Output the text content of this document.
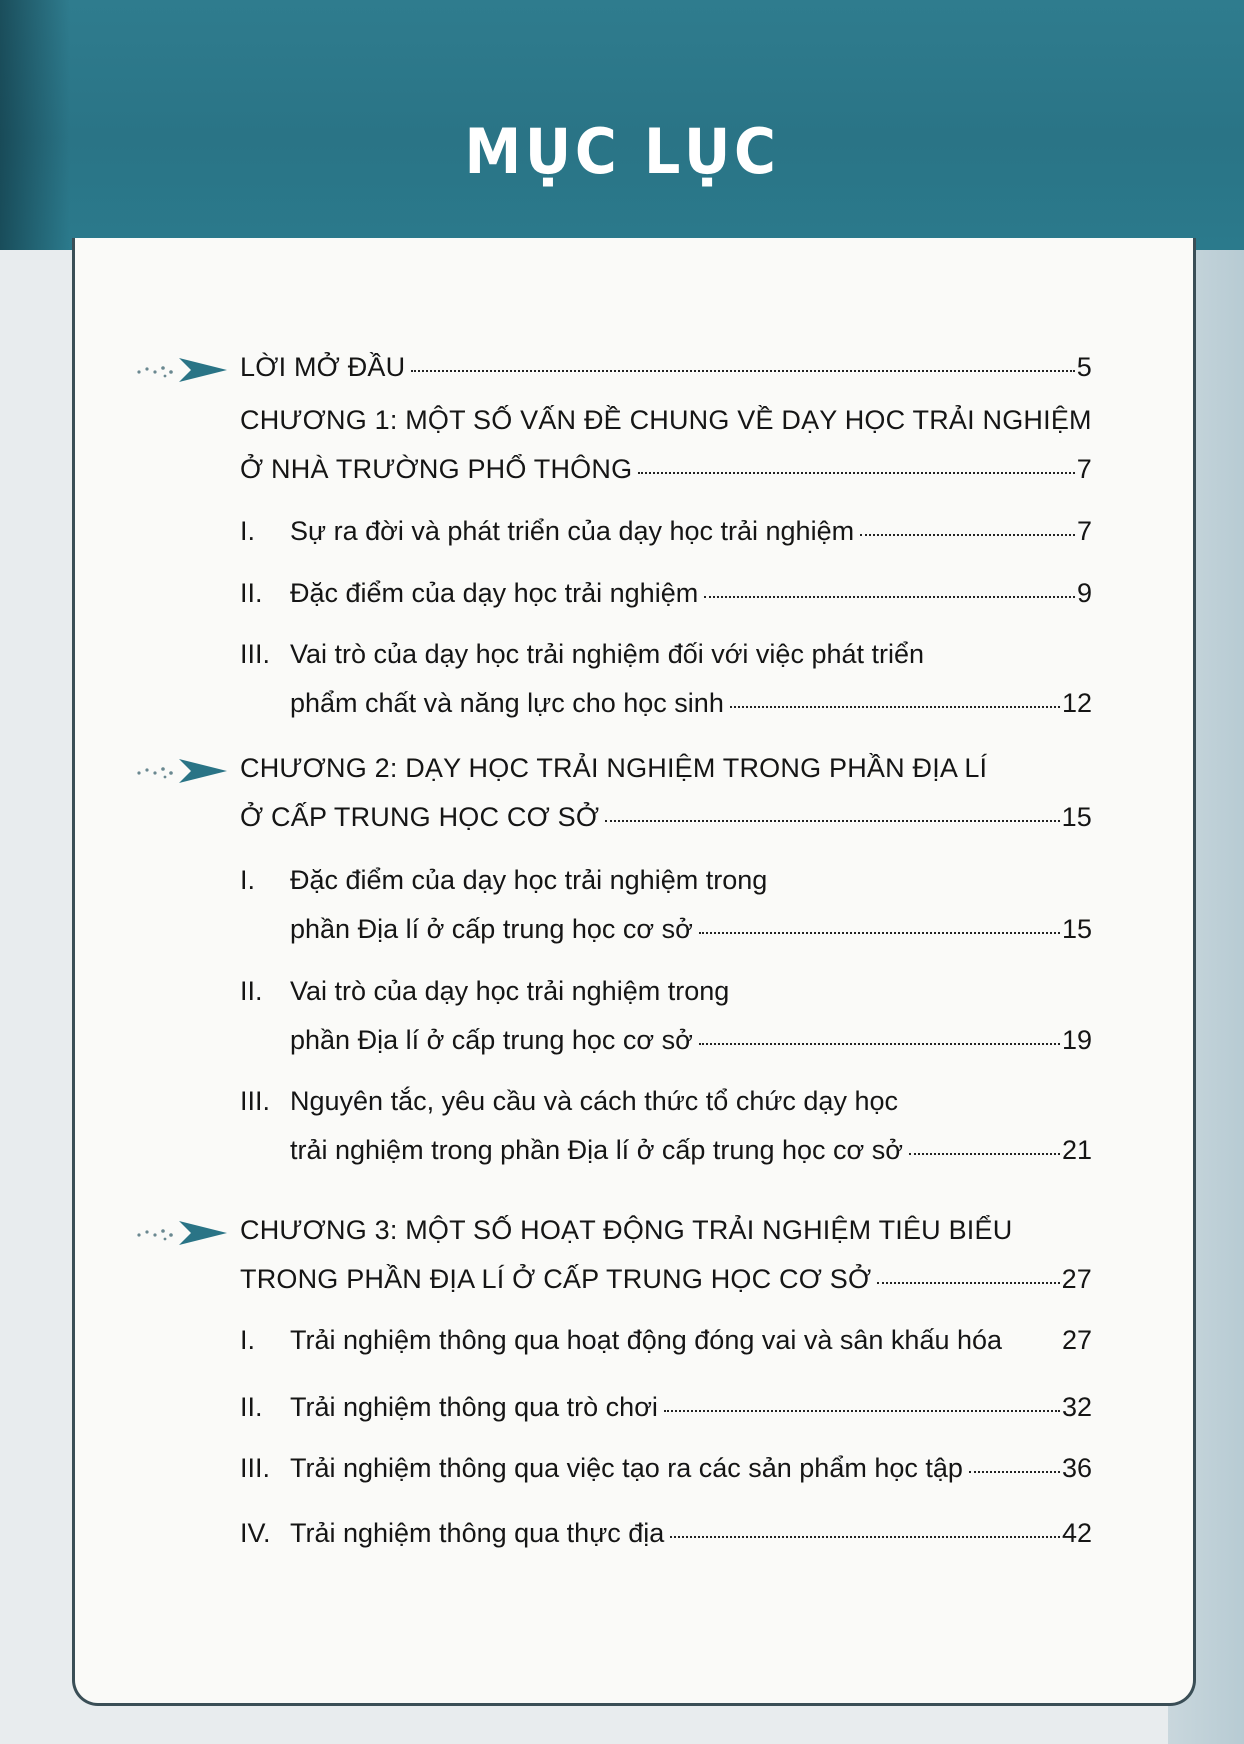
MỤC LỤC
LỜI MỞ ĐẦU	5
CHƯƠNG 1: MỘT SỐ VẤN ĐỀ CHUNG VỀ DẠY HỌC TRẢI NGHIỆM
Ở NHÀ TRƯỜNG PHỔ THÔNG	7
I.	Sự ra đời và phát triển của dạy học trải nghiệm	7
II.	Đặc điểm của dạy học trải nghiệm	9
III. Vai trò của dạy học trải nghiệm đối với việc phát triển
phẩm chất và năng lực cho học sinh	12
CHƯƠNG 2: DẠY HỌC TRẢI NGHIỆM TRONG PHẦN ĐỊA LÍ
Ở CẤP TRUNG HỌC CƠ SỞ	15
I.	Đặc điểm của dạy học trải nghiệm trong
phần Địa lí ở cấp trung học cơ sở	15
II.	Vai trò của dạy học trải nghiệm trong
phần Địa lí ở cấp trung học cơ sở	19
III. Nguyên tắc, yêu cầu và cách thức tổ chức dạy học
trải nghiệm trong phần Địa lí ở cấp trung học cơ sở	21
CHƯƠNG 3: MỘT SỐ HOẠT ĐỘNG TRẢI NGHIỆM TIÊU BIỂU
TRONG PHẦN ĐỊA LÍ Ở CẤP TRUNG HỌC CƠ SỞ	27
I.	Trải nghiệm thông qua hoạt động đóng vai và sân khấu hóa 27
II.	Trải nghiệm thông qua trò chơi	32
III. Trải nghiệm thông qua việc tạo ra các sản phẩm học tập	36
IV. Trải nghiệm thông qua thực địa	42
